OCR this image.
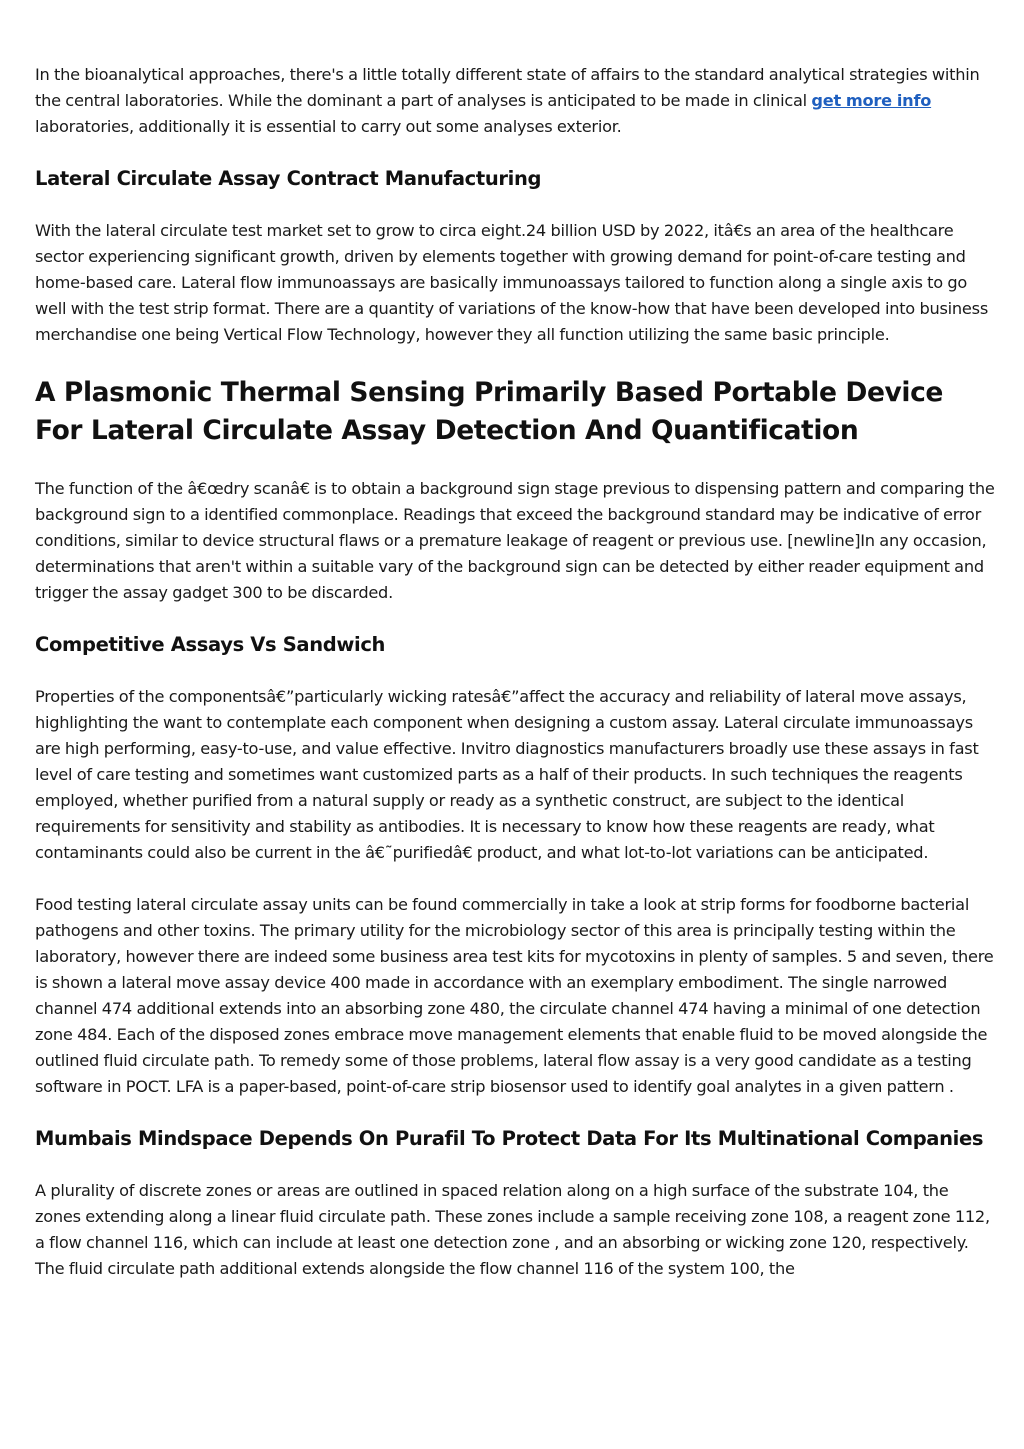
In the bioanalytical approaches, there's a little totally different state of affairs to the standard analytical strategies within the central laboratories. While the dominant a part of analyses is anticipated to be made in clinical get more info laboratories, additionally it is essential to carry out some analyses exterior.

Lateral Circulate Assay Contract Manufacturing

With the lateral circulate test market set to grow to circa eight.24 billion USD by 2022, itâ€s an area of the healthcare sector experiencing significant growth, driven by elements together with growing demand for point-of-care testing and home-based care. Lateral flow immunoassays are basically immunoassays tailored to function along a single axis to go well with the test strip format. There are a quantity of variations of the know-how that have been developed into business merchandise one being Vertical Flow Technology, however they all function utilizing the same basic principle.

A Plasmonic Thermal Sensing Primarily Based Portable Device For Lateral Circulate Assay Detection And Quantification

The function of the â€œdry scanâ€ is to obtain a background sign stage previous to dispensing pattern and comparing the background sign to a identified commonplace. Readings that exceed the background standard may be indicative of error conditions, similar to device structural flaws or a premature leakage of reagent or previous use. [newline]In any occasion, determinations that aren't within a suitable vary of the background sign can be detected by either reader equipment and trigger the assay gadget 300 to be discarded.

Competitive Assays Vs Sandwich

Properties of the componentsâ€”particularly wicking ratesâ€”affect the accuracy and reliability of lateral move assays, highlighting the want to contemplate each component when designing a custom assay. Lateral circulate immunoassays are high performing, easy-to-use, and value effective. Invitro diagnostics manufacturers broadly use these assays in fast level of care testing and sometimes want customized parts as a half of their products. In such techniques the reagents employed, whether purified from a natural supply or ready as a synthetic construct, are subject to the identical requirements for sensitivity and stability as antibodies. It is necessary to know how these reagents are ready, what contaminants could also be current in the â€˜purifiedâ€ product, and what lot-to-lot variations can be anticipated.

Food testing lateral circulate assay units can be found commercially in take a look at strip forms for foodborne bacterial pathogens and other toxins. The primary utility for the microbiology sector of this area is principally testing within the laboratory, however there are indeed some business area test kits for mycotoxins in plenty of samples. 5 and seven, there is shown a lateral move assay device 400 made in accordance with an exemplary embodiment. The single narrowed channel 474 additional extends into an absorbing zone 480, the circulate channel 474 having a minimal of one detection zone 484. Each of the disposed zones embrace move management elements that enable fluid to be moved alongside the outlined fluid circulate path. To remedy some of those problems, lateral flow assay is a very good candidate as a testing software in POCT. LFA is a paper-based, point-of-care strip biosensor used to identify goal analytes in a given pattern .

Mumbais Mindspace Depends On Purafil To Protect Data For Its Multinational Companies

A plurality of discrete zones or areas are outlined in spaced relation along on a high surface of the substrate 104, the zones extending along a linear fluid circulate path. These zones include a sample receiving zone 108, a reagent zone 112, a flow channel 116, which can include at least one detection zone , and an absorbing or wicking zone 120, respectively. The fluid circulate path additional extends alongside the flow channel 116 of the system 100, the
